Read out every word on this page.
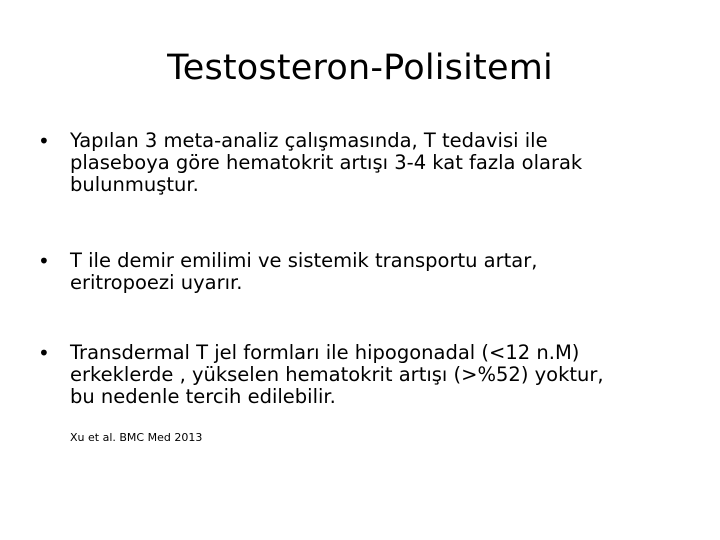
Testosteron-Polisitemi
• Yapılan 3 meta-analiz çalışmasında, T tedavisi ile
plaseboya göre hematokrit artışı 3-4 kat fazla olarak
bulunmuştur.
• T ile demir emilimi ve sistemik transportu artar,
eritropoezi uyarır.
• Transdermal T jel formları ile hipogonadal (<12 n.M)
erkeklerde , yükselen hematokrit artışı (>%52) yoktur,
bu nedenle tercih edilebilir.
Xu et al. BMC Med 2013
